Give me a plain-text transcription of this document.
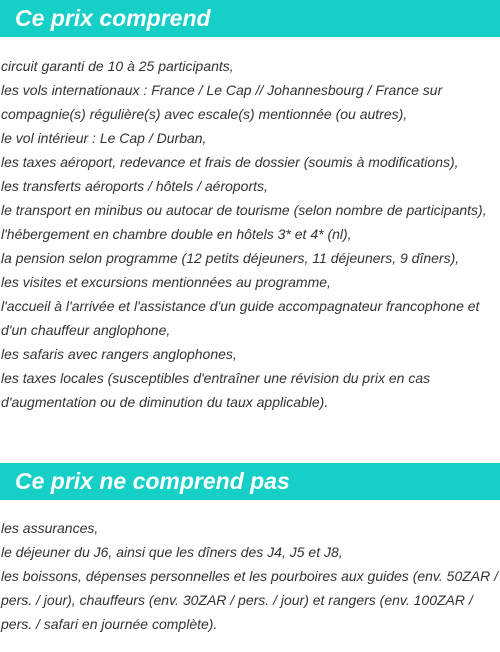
Ce prix comprend
circuit garanti de 10 à 25 participants,
les vols internationaux : France / Le Cap // Johannesbourg / France sur compagnie(s) régulière(s) avec escale(s) mentionnée (ou autres),
le vol intérieur : Le Cap / Durban,
les taxes aéroport, redevance et frais de dossier (soumis à modifications),
les transferts aéroports / hôtels / aéroports,
le transport en minibus ou autocar de tourisme (selon nombre de participants),
l'hébergement en chambre double en hôtels 3* et 4* (nl),
la pension selon programme (12 petits déjeuners, 11 déjeuners, 9 dîners),
les visites et excursions mentionnées au programme,
l'accueil à l'arrivée et l'assistance d'un guide accompagnateur francophone et d'un chauffeur anglophone,
les safaris avec rangers anglophones,
les taxes locales (susceptibles d'entraîner une révision du prix en cas d'augmentation ou de diminution du taux applicable).
Ce prix ne comprend pas
les assurances,
le déjeuner du J6, ainsi que les dîners des J4, J5 et J8,
les boissons, dépenses personnelles et les pourboires aux guides (env. 50ZAR / pers. / jour), chauffeurs (env. 30ZAR / pers. / jour) et rangers (env. 100ZAR / pers. / safari en journée complète).
